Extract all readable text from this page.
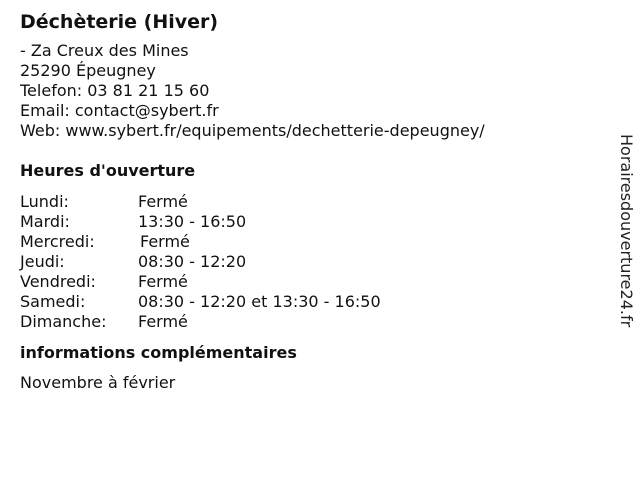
Déchèterie (Hiver)
- Za Creux des Mines
25290 Épeugney
Telefon: 03 81 21 15 60
Email: contact@sybert.fr
Web: www.sybert.fr/equipements/dechetterie-depeugney/
Heures d'ouverture
Lundi:	Fermé
Mardi:	13:30 - 16:50
Mercredi:	Fermé
Jeudi:	08:30 - 12:20
Vendredi:	Fermé
Samedi:	08:30 - 12:20 et 13:30 - 16:50
Dimanche: Fermé
informations complémentaires
Novembre à février
Horairesdouverture24.fr
